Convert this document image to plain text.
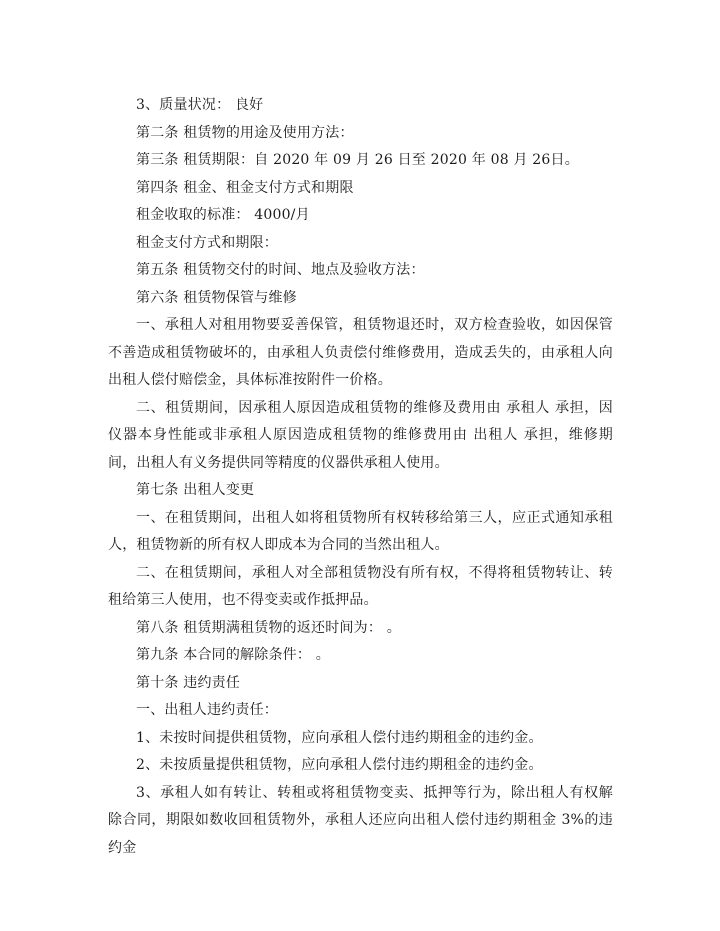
3、质量状况： 良好
第二条 租赁物的用途及使用方法：
第三条 租赁期限：自 2020 年 09 月 26 日至 2020 年 08 月 26日。
第四条 租金、租金支付方式和期限
租金收取的标准： 4000/月
租金支付方式和期限：
第五条 租赁物交付的时间、地点及验收方法：
第六条 租赁物保管与维修
一、承租人对租用物要妥善保管，租赁物退还时，双方检查验收，如因保管不善造成租赁物破坏的，由承租人负责偿付维修费用，造成丢失的，由承租人向出租人偿付赔偿金，具体标准按附件一价格。
二、租赁期间，因承租人原因造成租赁物的维修及费用由 承租人 承担，因仪器本身性能或非承租人原因造成租赁物的维修费用由 出租人 承担，维修期间，出租人有义务提供同等精度的仪器供承租人使用。
第七条 出租人变更
一、在租赁期间，出租人如将租赁物所有权转移给第三人，应正式通知承租人，租赁物新的所有权人即成本为合同的当然出租人。
二、在租赁期间，承租人对全部租赁物没有所有权，不得将租赁物转让、转租给第三人使用，也不得变卖或作抵押品。
第八条 租赁期满租赁物的返还时间为： 。
第九条 本合同的解除条件： 。
第十条 违约责任
一、出租人违约责任：
1、未按时间提供租赁物，应向承租人偿付违约期租金的违约金。
2、未按质量提供租赁物，应向承租人偿付违约期租金的违约金。
3、承租人如有转让、转租或将租赁物变卖、抵押等行为，除出租人有权解除合同，期限如数收回租赁物外，承租人还应向出租人偿付违约期租金 3%的违约金
